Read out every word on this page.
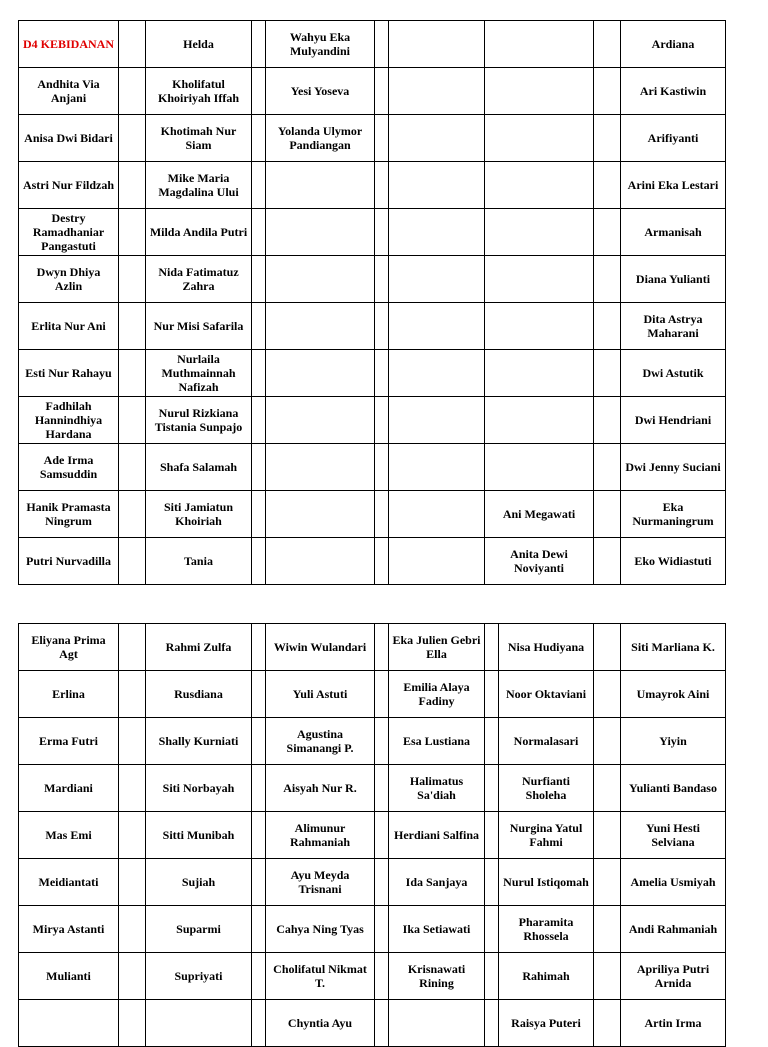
D4 KEBIDANAN		Helda		Wahyu Eka Mulyandini					Ardiana
Andhita Via Anjani		Kholifatul Khoiriyah Iffah		Yesi Yoseva					Ari Kastiwin
Anisa Dwi Bidari		Khotimah Nur Siam		Yolanda Ulymor Pandiangan					Arifiyanti
Astri Nur Fildzah		Mike Maria Magdalina Ului							Arini Eka Lestari
Destry Ramadhaniar Pangastuti		Milda Andila Putri							Armanisah
Dwyn Dhiya Azlin		Nida Fatimatuz Zahra							Diana Yulianti
Erlita Nur Ani		Nur Misi Safarila							Dita Astrya Maharani
Esti Nur Rahayu		Nurlaila Muthmainnah Nafizah							Dwi Astutik
Fadhilah Hannindhiya Hardana		Nurul Rizkiana Tistania Sunpajo							Dwi Hendriani
Ade Irma Samsuddin		Shafa Salamah							Dwi Jenny Suciani
Hanik Pramasta Ningrum		Siti Jamiatun Khoiriah					Ani Megawati		Eka Nurmaningrum
Putri Nurvadilla		Tania					Anita Dewi Noviyanti		Eko Widiastuti
Eliyana Prima Agt		Rahmi Zulfa		Wiwin Wulandari		Eka Julien Gebri Ella		Nisa Hudiyana		Siti Marliana K.
Erlina		Rusdiana		Yuli Astuti		Emilia Alaya Fadiny		Noor Oktaviani		Umayrok Aini
Erma Futri		Shally Kurniati		Agustina Simanangi P.		Esa Lustiana		Normalasari		Yiyin
Mardiani		Siti Norbayah		Aisyah Nur R.		Halimatus Sa'diah		Nurfianti Sholeha		Yulianti Bandaso
Mas Emi		Sitti Munibah		Alimunur Rahmaniah		Herdiani Salfina		Nurgina Yatul Fahmi		Yuni Hesti Selviana
Meidiantati		Sujiah		Ayu Meyda Trisnani		Ida Sanjaya		Nurul Istiqomah		Amelia Usmiyah
Mirya Astanti		Suparmi		Cahya Ning Tyas		Ika Setiawati		Pharamita Rhossela		Andi Rahmaniah
Mulianti		Supriyati		Cholifatul Nikmat T.		Krisnawati Rining		Rahimah		Apriliya Putri Arnida
				Chyntia Ayu				Raisya Puteri		Artin Irma
